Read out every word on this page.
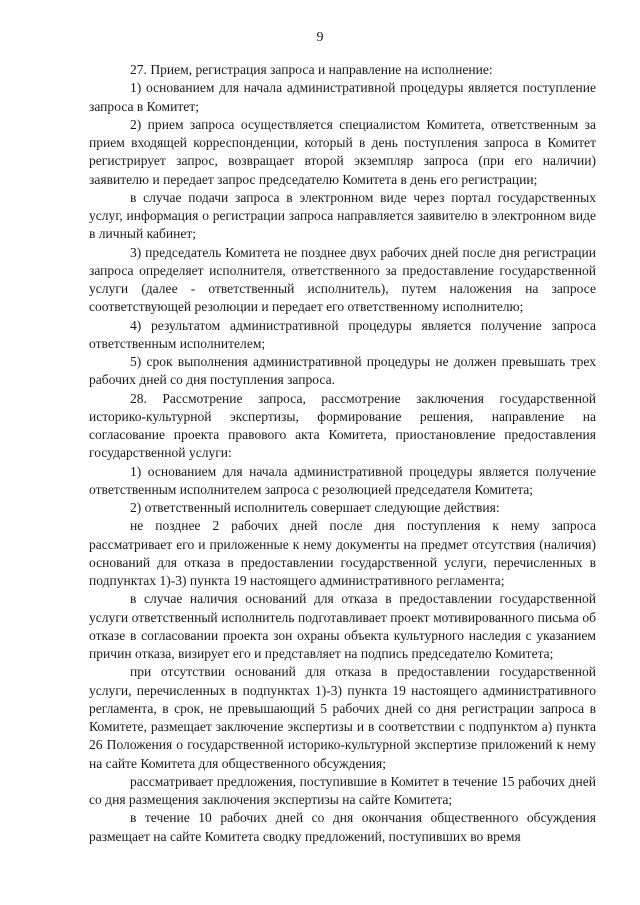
9

27. Прием, регистрация запроса и направление на исполнение:

1) основанием для начала административной процедуры является поступление запроса в Комитет;

2) прием запроса осуществляется специалистом Комитета, ответственным за прием входящей корреспонденции, который в день поступления запроса в Комитет регистрирует запрос, возвращает второй экземпляр запроса (при его наличии) заявителю и передает запрос председателю Комитета в день его регистрации;

в случае подачи запроса в электронном виде через портал государственных услуг, информация о регистрации запроса направляется заявителю в электронном виде в личный кабинет;

3) председатель Комитета не позднее двух рабочих дней после дня регистрации запроса определяет исполнителя, ответственного за предоставление государственной услуги (далее - ответственный исполнитель), путем наложения на запросе соответствующей резолюции и передает его ответственному исполнителю;

4) результатом административной процедуры является получение запроса ответственным исполнителем;

5) срок выполнения административной процедуры не должен превышать трех рабочих дней со дня поступления запроса.

28. Рассмотрение запроса, рассмотрение заключения государственной историко-культурной экспертизы, формирование решения, направление на согласование проекта правового акта Комитета, приостановление предоставления государственной услуги:

1) основанием для начала административной процедуры является получение ответственным исполнителем запроса с резолюцией председателя Комитета;

2) ответственный исполнитель совершает следующие действия:

не позднее 2 рабочих дней после дня поступления к нему запроса рассматривает его и приложенные к нему документы на предмет отсутствия (наличия) оснований для отказа в предоставлении государственной услуги, перечисленных в подпунктах 1)-3) пункта 19 настоящего административного регламента;

в случае наличия оснований для отказа в предоставлении государственной услуги ответственный исполнитель подготавливает проект мотивированного письма об отказе в согласовании проекта зон охраны объекта культурного наследия с указанием причин отказа, визирует его и представляет на подпись председателю Комитета;

при отсутствии оснований для отказа в предоставлении государственной услуги, перечисленных в подпунктах 1)-3) пункта 19 настоящего административного регламента, в срок, не превышающий 5 рабочих дней со дня регистрации запроса в Комитете, размещает заключение экспертизы и в соответствии с подпунктом а) пункта 26 Положения о государственной историко-культурной экспертизе приложений к нему на сайте Комитета для общественного обсуждения;

рассматривает предложения, поступившие в Комитет в течение 15 рабочих дней со дня размещения заключения экспертизы на сайте Комитета;

в течение 10 рабочих дней со дня окончания общественного обсуждения размещает на сайте Комитета сводку предложений, поступивших во время
